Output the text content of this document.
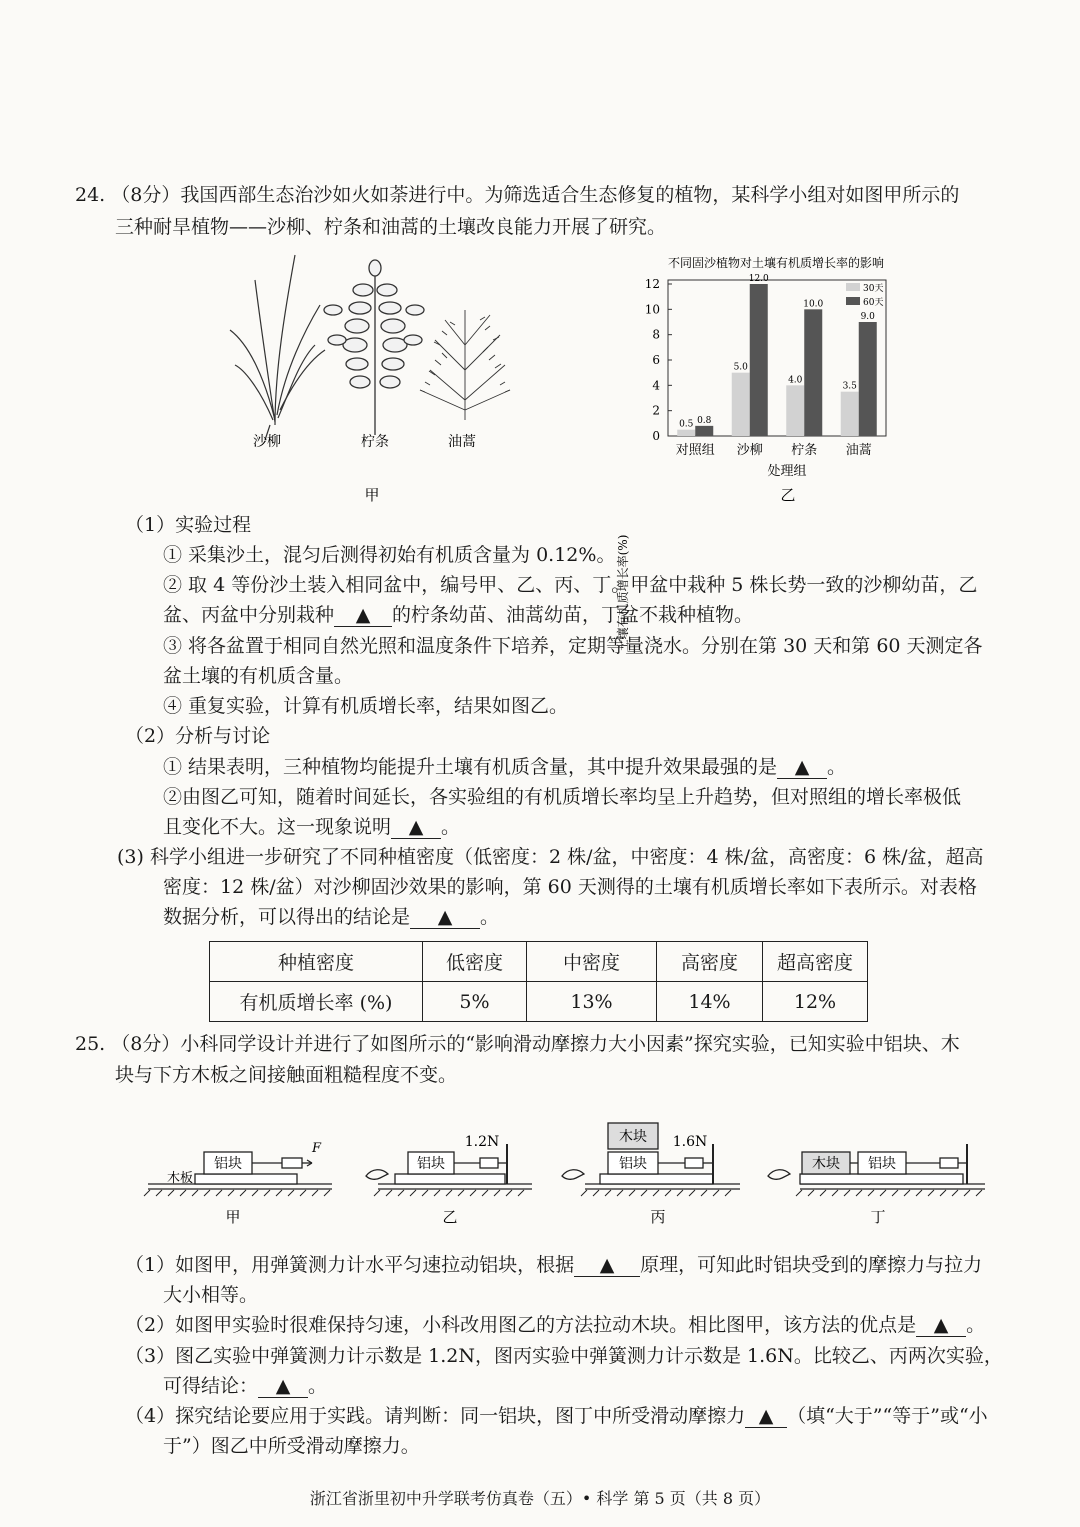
24. （8分）我国西部生态治沙如火如荼进行中。为筛选适合生态修复的植物，某科学小组对如图甲所示的
三种耐旱植物——沙柳、柠条和油蒿的土壤改良能力开展了研究。
沙柳	柠条	油蒿
甲
不同固沙植物对土壤有机质增长率的影响
土壤有机质增长率(%)
0
2
4
6
8
10
12
0.5 0.8
5.0
12.0
4.0
10.0
3.5
9.0
对照组 沙柳 柠条 油蒿
30天
60天
处理组
乙
（1）实验过程
① 采集沙土，混匀后测得初始有机质含量为 0.12%。
② 取 4 等份沙土装入相同盆中，编号甲、乙、丙、丁。甲盆中栽种 5 株长势一致的沙柳幼苗，乙
盆、丙盆中分别栽种 ▲ 的柠条幼苗、油蒿幼苗，丁盆不栽种植物。
③ 将各盆置于相同自然光照和温度条件下培养，定期等量浇水。分别在第 30 天和第 60 天测定各
盆土壤的有机质含量。
④ 重复实验，计算有机质增长率，结果如图乙。
（2）分析与讨论
① 结果表明，三种植物均能提升土壤有机质含量，其中提升效果最强的是 ▲ 。
②由图乙可知，随着时间延长，各实验组的有机质增长率均呈上升趋势，但对照组的增长率极低
且变化不大。这一现象说明 ▲ 。
(3) 科学小组进一步研究了不同种植密度（低密度：2 株/盆，中密度：4 株/盆，高密度：6 株/盆，超高
密度：12 株/盆）对沙柳固沙效果的影响，第 60 天测得的土壤有机质增长率如下表所示。对表格
数据分析，可以得出的结论是 ▲ 。
种植密度	低密度	中密度	高密度	超高密度
有机质增长率 (%)	5%	13%	14%	12%
25. （8分）小科同学设计并进行了如图所示的“影响滑动摩擦力大小因素”探究实验，已知实验中铝块、木
块与下方木板之间接触面粗糙程度不变。
铝块
木板
F
甲
铝块
1.2N
乙
木块
铝块
1.6N
丙
木块 铝块
丁
（1）如图甲，用弹簧测力计水平匀速拉动铝块，根据 ▲ 原理，可知此时铝块受到的摩擦力与拉力
大小相等。
（2）如图甲实验时很难保持匀速，小科改用图乙的方法拉动木块。相比图甲，该方法的优点是 ▲ 。
（3）图乙实验中弹簧测力计示数是 1.2N，图丙实验中弹簧测力计示数是 1.6N。比较乙、丙两次实验，
可得结论： ▲ 。
（4）探究结论要应用于实践。请判断：同一铝块，图丁中所受滑动摩擦力 ▲ （填“大于”“等于”或“小
于”）图乙中所受滑动摩擦力。
浙江省浙里初中升学联考仿真卷（五）• 科学 第 5 页（共 8 页）
